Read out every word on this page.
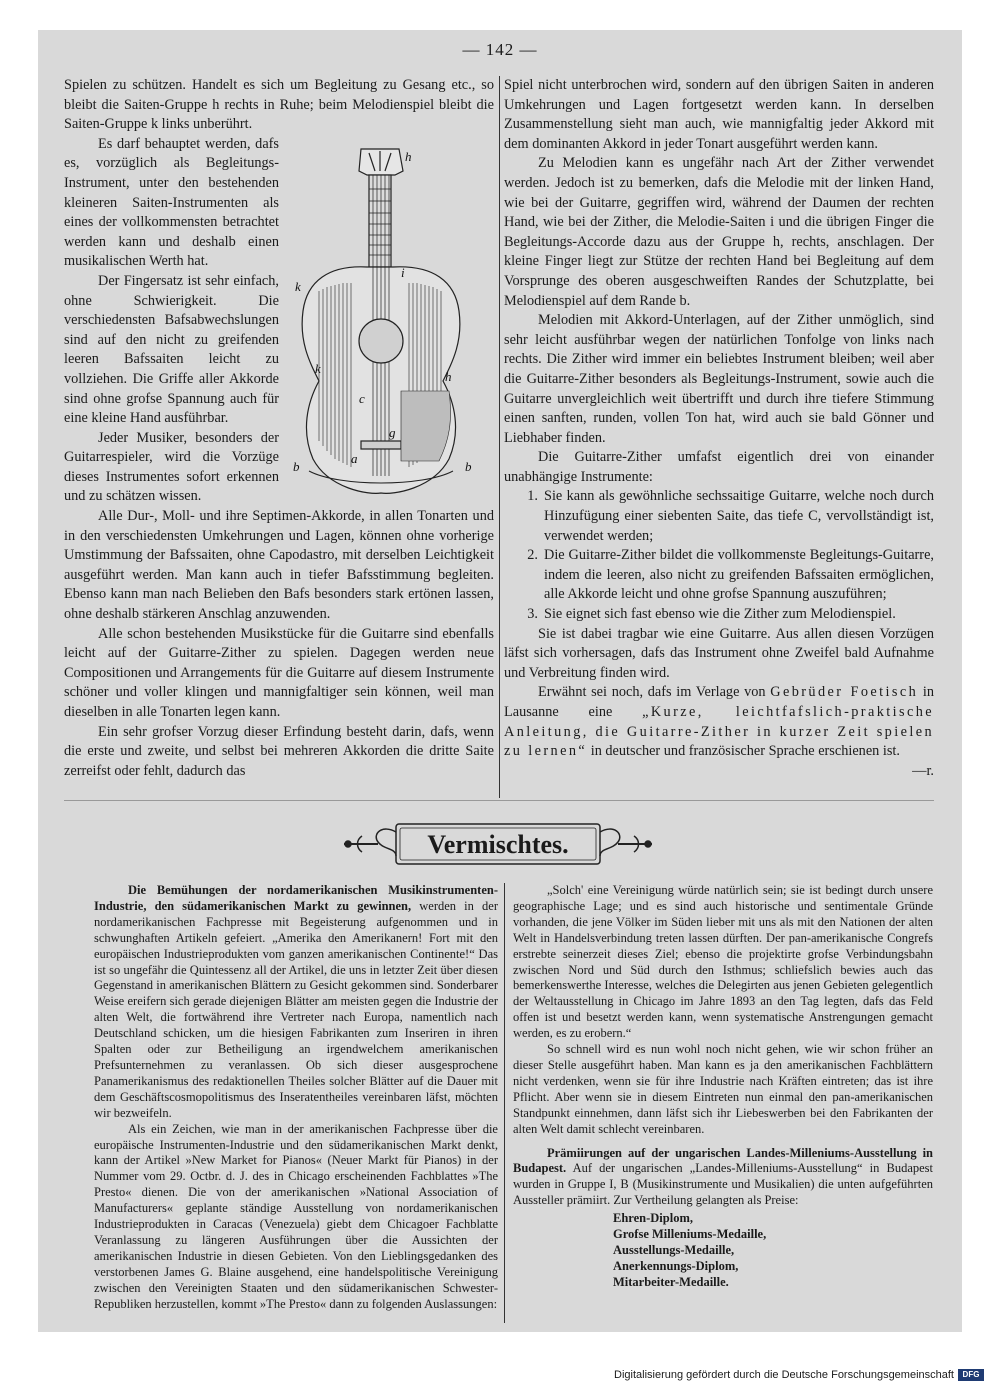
— 142 —

Spielen zu schützen. Handelt es sich um Begleitung zu Gesang etc., so bleibt die Saiten-Gruppe h rechts in Ruhe; beim Melodienspiel bleibt die Saiten-Gruppe k links unberührt.

h
i
k
k
h
c
g
a
b	b

Es darf behauptet werden, dafs es, vorzüglich als Begleitungs-Instrument, unter den bestehenden kleineren Saiten-Instrumenten als eines der vollkommensten betrachtet werden kann und deshalb einen musikalischen Werth hat.

Der Fingersatz ist sehr einfach, ohne Schwierigkeit. Die verschiedensten Bafsabwechslungen sind auf den nicht zu greifenden leeren Bafssaiten leicht zu vollziehen. Die Griffe aller Akkorde sind ohne grofse Spannung auch für eine kleine Hand ausführbar.

Jeder Musiker, besonders der Guitarrespieler, wird die Vorzüge dieses Instrumentes sofort erkennen und zu schätzen wissen.

Alle Dur-, Moll- und ihre Septimen-Akkorde, in allen Tonarten und in den verschiedensten Umkehrungen und Lagen, können ohne vorherige Umstimmung der Bafssaiten, ohne Capodastro, mit derselben Leichtigkeit ausgeführt werden. Man kann auch in tiefer Bafsstimmung begleiten. Ebenso kann man nach Belieben den Bafs besonders stark ertönen lassen, ohne deshalb stärkeren Anschlag anzuwenden.

Alle schon bestehenden Musikstücke für die Guitarre sind ebenfalls leicht auf der Guitarre-Zither zu spielen. Dagegen werden neue Compositionen und Arrangements für die Guitarre auf diesem Instrumente schöner und voller klingen und mannigfaltiger sein können, weil man dieselben in alle Tonarten legen kann.

Ein sehr grofser Vorzug dieser Erfindung besteht darin, dafs, wenn die erste und zweite, und selbst bei mehreren Akkorden die dritte Saite zerreifst oder fehlt, dadurch das

Spiel nicht unterbrochen wird, sondern auf den übrigen Saiten in anderen Umkehrungen und Lagen fortgesetzt werden kann. In derselben Zusammenstellung sieht man auch, wie mannigfaltig jeder Akkord mit dem dominanten Akkord in jeder Tonart ausgeführt werden kann.

Zu Melodien kann es ungefähr nach Art der Zither verwendet werden. Jedoch ist zu bemerken, dafs die Melodie mit der linken Hand, wie bei der Guitarre, gegriffen wird, während der Daumen der rechten Hand, wie bei der Zither, die Melodie-Saiten i und die übrigen Finger die Begleitungs-Accorde dazu aus der Gruppe h, rechts, anschlagen. Der kleine Finger liegt zur Stütze der rechten Hand bei Begleitung auf dem Vorsprunge des oberen ausgeschweiften Randes der Schutzplatte, bei Melodienspiel auf dem Rande b.

Melodien mit Akkord-Unterlagen, auf der Zither unmöglich, sind sehr leicht ausführbar wegen der natürlichen Tonfolge von links nach rechts. Die Zither wird immer ein beliebtes Instrument bleiben; weil aber die Guitarre-Zither besonders als Begleitungs-Instrument, sowie auch die Guitarre unvergleichlich weit übertrifft und durch ihre tiefere Stimmung einen sanften, runden, vollen Ton hat, wird auch sie bald Gönner und Liebhaber finden.

Die Guitarre-Zither umfafst eigentlich drei von einander unabhängige Instrumente:

1. Sie kann als gewöhnliche sechssaitige Guitarre, welche noch durch Hinzufügung einer siebenten Saite, das tiefe C, vervollständigt ist, verwendet werden;
2. Die Guitarre-Zither bildet die vollkommenste Begleitungs-Guitarre, indem die leeren, also nicht zu greifenden Bafssaiten ermöglichen, alle Akkorde leicht und ohne grofse Spannung auszuführen;
3. Sie eignet sich fast ebenso wie die Zither zum Melodienspiel.

Sie ist dabei tragbar wie eine Guitarre. Aus allen diesen Vorzügen läfst sich vorhersagen, dafs das Instrument ohne Zweifel bald Aufnahme und Verbreitung finden wird.

Erwähnt sei noch, dafs im Verlage von Gebrüder Foetisch in Lausanne eine „Kurze, leichtfafslich-praktische Anleitung, die Guitarre-Zither in kurzer Zeit spielen zu lernen“ in deutscher und französischer Sprache erschienen ist.
—r.

Vermischtes.

Die Bemühungen der nordamerikanischen Musikinstrumenten-Industrie, den südamerikanischen Markt zu gewinnen, werden in der nordamerikanischen Fachpresse mit Begeisterung aufgenommen und in schwunghaften Artikeln gefeiert. „Amerika den Amerikanern! Fort mit den europäischen Industrieprodukten vom ganzen amerikanischen Continente!“ Das ist so ungefähr die Quintessenz all der Artikel, die uns in letzter Zeit über diesen Gegenstand in amerikanischen Blättern zu Gesicht gekommen sind. Sonderbarer Weise ereifern sich gerade diejenigen Blätter am meisten gegen die Industrie der alten Welt, die fortwährend ihre Vertreter nach Europa, namentlich nach Deutschland schicken, um die hiesigen Fabrikanten zum Inseriren in ihren Spalten oder zur Betheiligung an irgendwelchem amerikanischen Prefsunternehmen zu veranlassen. Ob sich dieser ausgesprochene Panamerikanismus des redaktionellen Theiles solcher Blätter auf die Dauer mit dem Geschäftscosmopolitismus des Inseratentheiles vereinbaren läfst, möchten wir bezweifeln.

Als ein Zeichen, wie man in der amerikanischen Fachpresse über die europäische Instrumenten-Industrie und den südamerikanischen Markt denkt, kann der Artikel »New Market for Pianos« (Neuer Markt für Pianos) in der Nummer vom 29. Octbr. d. J. des in Chicago erscheinenden Fachblattes »The Presto« dienen. Die von der amerikanischen »National Association of Manufacturers« geplante ständige Ausstellung von nordamerikanischen Industrieprodukten in Caracas (Venezuela) giebt dem Chicagoer Fachblatte Veranlassung zu längeren Ausführungen über die Aussichten der amerikanischen Industrie in diesen Gebieten. Von den Lieblingsgedanken des verstorbenen James G. Blaine ausgehend, eine handelspolitische Vereinigung zwischen den Vereinigten Staaten und den südamerikanischen Schwester-Republiken herzustellen, kommt »The Presto« dann zu folgenden Auslassungen:

„Solch' eine Vereinigung würde natürlich sein; sie ist bedingt durch unsere geographische Lage; und es sind auch historische und sentimentale Gründe vorhanden, die jene Völker im Süden lieber mit uns als mit den Nationen der alten Welt in Handelsverbindung treten lassen dürften. Der pan-amerikanische Congrefs erstrebte seinerzeit dieses Ziel; ebenso die projektirte grofse Verbindungsbahn zwischen Nord und Süd durch den Isthmus; schliefslich bewies auch das bemerkenswerthe Interesse, welches die Delegirten aus jenen Gebieten gelegentlich der Weltausstellung in Chicago im Jahre 1893 an den Tag legten, dafs das Feld offen ist und besetzt werden kann, wenn systematische Anstrengungen gemacht werden, es zu erobern.“

So schnell wird es nun wohl noch nicht gehen, wie wir schon früher an dieser Stelle ausgeführt haben. Man kann es ja den amerikanischen Fachblättern nicht verdenken, wenn sie für ihre Industrie nach Kräften eintreten; das ist ihre Pflicht. Aber wenn sie in diesem Eintreten nun einmal den pan-amerikanischen Standpunkt einnehmen, dann läfst sich ihr Liebeswerben bei den Fabrikanten der alten Welt damit schlecht vereinbaren.

Prämiirungen auf der ungarischen Landes-Milleniums-Ausstellung in Budapest. Auf der ungarischen „Landes-Milleniums-Ausstellung“ in Budapest wurden in Gruppe I, B (Musikinstrumente und Musikalien) die unten aufgeführten Aussteller prämiirt. Zur Vertheilung gelangten als Preise:

Ehren-Diplom,
Grofse Milleniums-Medaille,
Ausstellungs-Medaille,
Anerkennungs-Diplom,
Mitarbeiter-Medaille.
Digitalisierung gefördert durch die Deutsche Forschungsgemeinschaft	DFG
